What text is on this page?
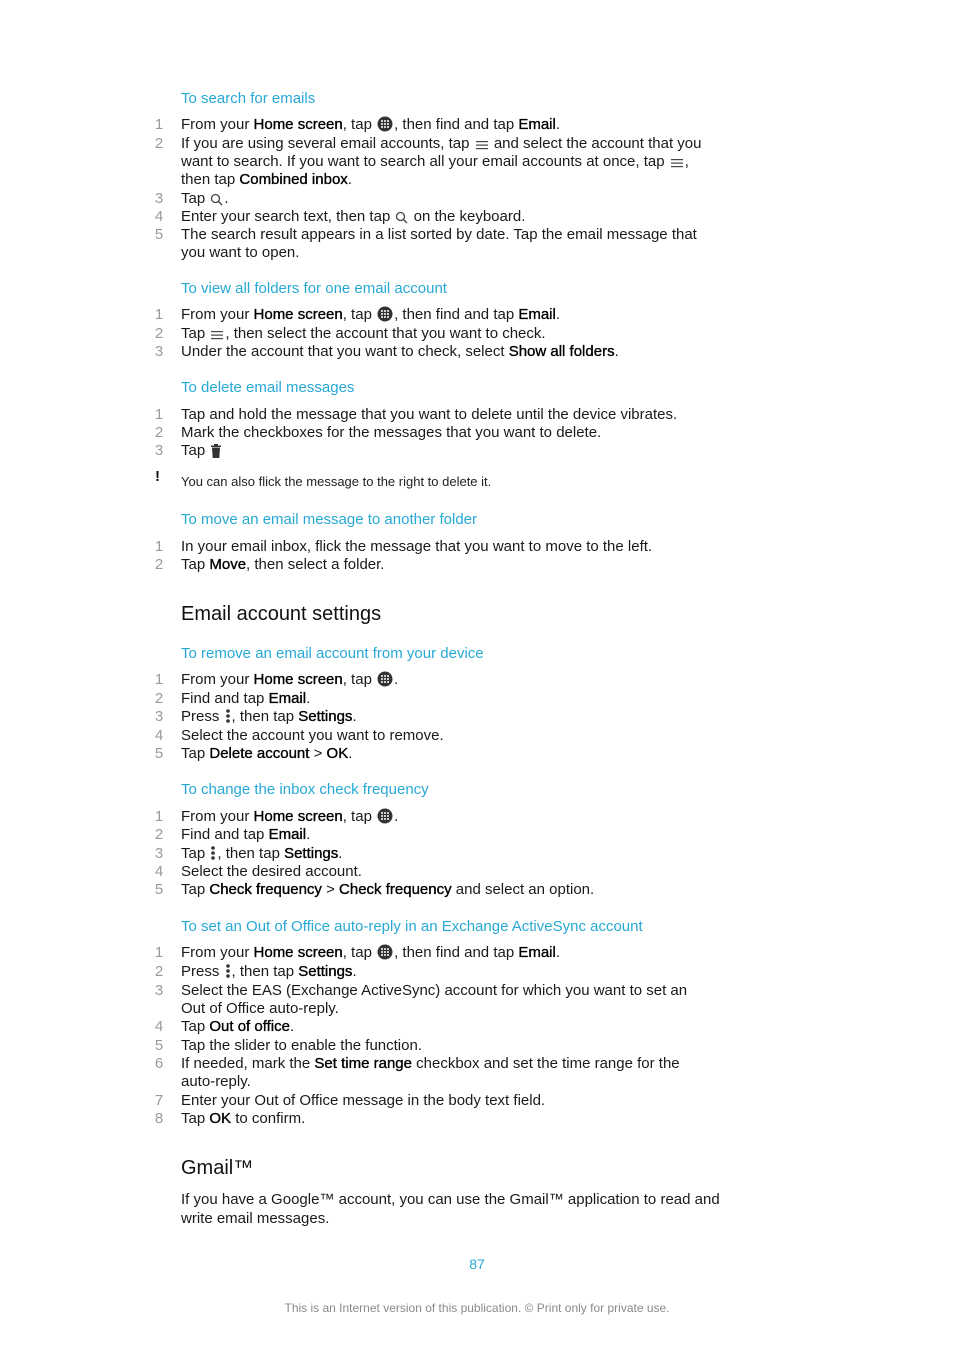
To search for emails
1 From your Home screen, tap , then find and tap Email.
2 If you are using several email accounts, tap  and select the account that you
want to search. If you want to search all your email accounts at once, tap ,
then tap Combined inbox.
3 Tap .
4 Enter your search text, then tap  on the keyboard.
5 The search result appears in a list sorted by date. Tap the email message that
you want to open.
To view all folders for one email account
1 From your Home screen, tap , then find and tap Email.
2 Tap , then select the account that you want to check.
3 Under the account that you want to check, select Show all folders.
To delete email messages
1 Tap and hold the message that you want to delete until the device vibrates.
2 Mark the checkboxes for the messages that you want to delete.
3 Tap
! You can also flick the message to the right to delete it.
To move an email message to another folder
1 In your email inbox, flick the message that you want to move to the left.
2 Tap Move, then select a folder.
Email account settings
To remove an email account from your device
1 From your Home screen, tap .
2 Find and tap Email.
3 Press , then tap Settings.
4 Select the account you want to remove.
5 Tap Delete account > OK.
To change the inbox check frequency
1 From your Home screen, tap .
2 Find and tap Email.
3 Tap , then tap Settings.
4 Select the desired account.
5 Tap Check frequency > Check frequency and select an option.
To set an Out of Office auto-reply in an Exchange ActiveSync account
1 From your Home screen, tap , then find and tap Email.
2 Press , then tap Settings.
3 Select the EAS (Exchange ActiveSync) account for which you want to set an
Out of Office auto-reply.
4 Tap Out of office.
5 Tap the slider to enable the function.
6 If needed, mark the Set time range checkbox and set the time range for the
auto-reply.
7 Enter your Out of Office message in the body text field.
8 Tap OK to confirm.
Gmail™
If you have a Google™ account, you can use the Gmail™ application to read and
write email messages.
87
This is an Internet version of this publication. © Print only for private use.
